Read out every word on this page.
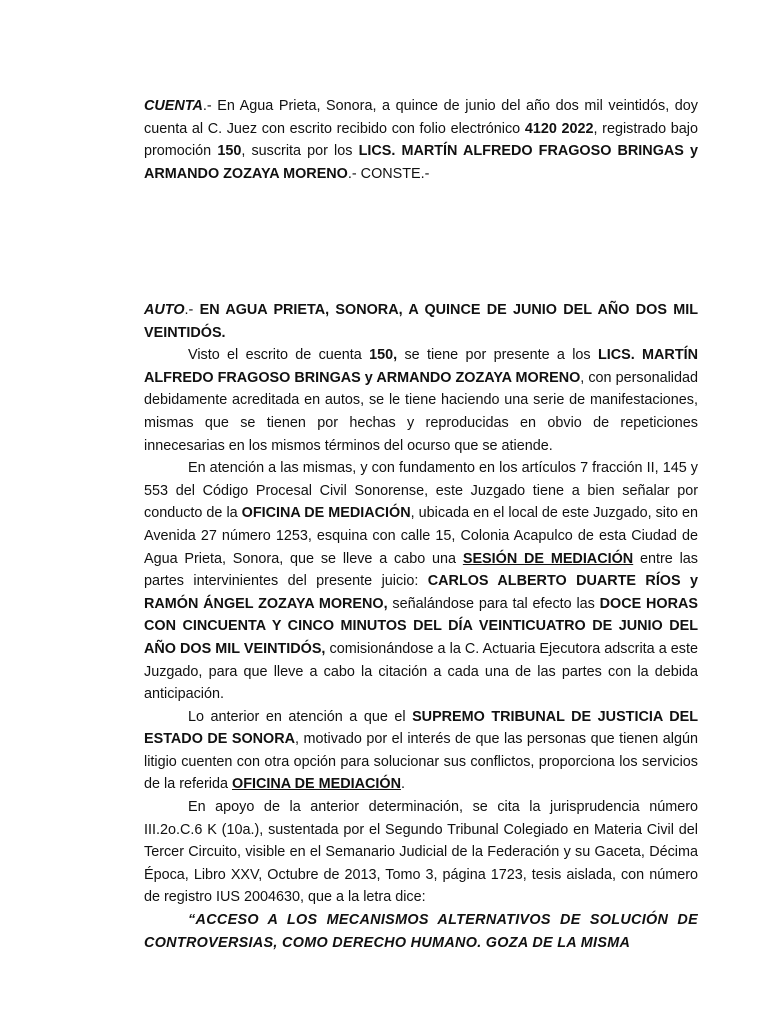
CUENTA.- En Agua Prieta, Sonora, a quince de junio del año dos mil veintidós, doy cuenta al C. Juez con escrito recibido con folio electrónico 4120 2022, registrado bajo promoción 150, suscrita por los LICS. MARTÍN ALFREDO FRAGOSO BRINGAS y ARMANDO ZOZAYA MORENO.- CONSTE.-

AUTO.- EN AGUA PRIETA, SONORA, A QUINCE DE JUNIO DEL AÑO DOS MIL VEINTIDÓS.

Visto el escrito de cuenta 150, se tiene por presente a los LICS. MARTÍN ALFREDO FRAGOSO BRINGAS y ARMANDO ZOZAYA MORENO, con personalidad debidamente acreditada en autos, se le tiene haciendo una serie de manifestaciones, mismas que se tienen por hechas y reproducidas en obvio de repeticiones innecesarias en los mismos términos del ocurso que se atiende.

En atención a las mismas, y con fundamento en los artículos 7 fracción II, 145 y 553 del Código Procesal Civil Sonorense, este Juzgado tiene a bien señalar por conducto de la OFICINA DE MEDIACIÓN, ubicada en el local de este Juzgado, sito en Avenida 27 número 1253, esquina con calle 15, Colonia Acapulco de esta Ciudad de Agua Prieta, Sonora, que se lleve a cabo una SESIÓN DE MEDIACIÓN entre las partes intervinientes del presente juicio: CARLOS ALBERTO DUARTE RÍOS y RAMÓN ÁNGEL ZOZAYA MORENO, señalándose para tal efecto las DOCE HORAS CON CINCUENTA Y CINCO MINUTOS DEL DÍA VEINTICUATRO DE JUNIO DEL AÑO DOS MIL VEINTIDÓS, comisionándose a la C. Actuaria Ejecutora adscrita a este Juzgado, para que lleve a cabo la citación a cada una de las partes con la debida anticipación.

Lo anterior en atención a que el SUPREMO TRIBUNAL DE JUSTICIA DEL ESTADO DE SONORA, motivado por el interés de que las personas que tienen algún litigio cuenten con otra opción para solucionar sus conflictos, proporciona los servicios de la referida OFICINA DE MEDIACIÓN.

En apoyo de la anterior determinación, se cita la jurisprudencia número III.2o.C.6 K (10a.), sustentada por el Segundo Tribunal Colegiado en Materia Civil del Tercer Circuito, visible en el Semanario Judicial de la Federación y su Gaceta, Décima Época, Libro XXV, Octubre de 2013, Tomo 3, página 1723, tesis aislada, con número de registro IUS 2004630, que a la letra dice:

“ACCESO A LOS MECANISMOS ALTERNATIVOS DE SOLUCIÓN DE CONTROVERSIAS, COMO DERECHO HUMANO. GOZA DE LA MISMA
